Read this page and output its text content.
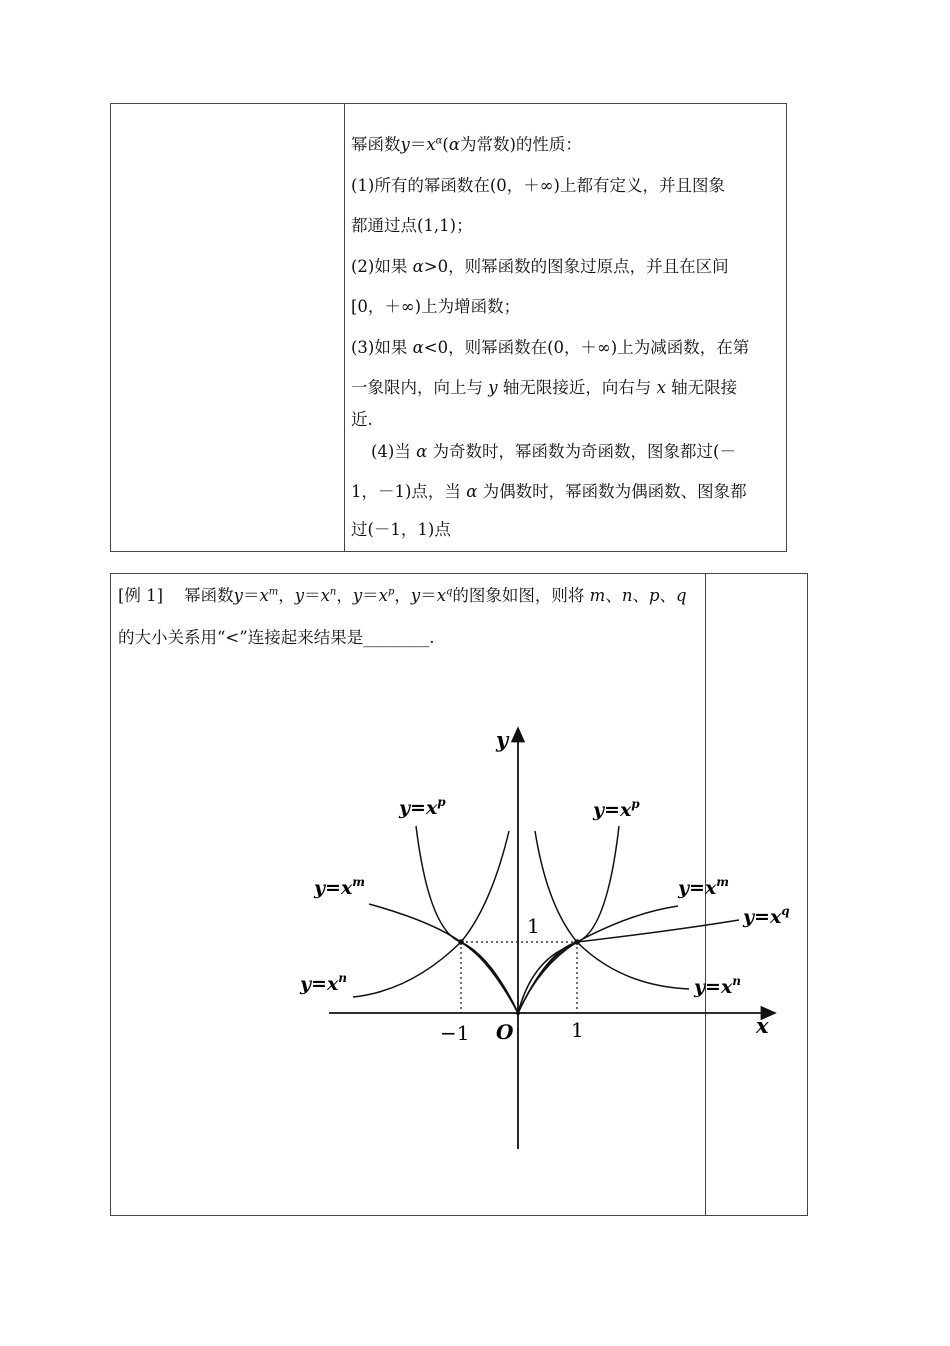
幂函数$y=x^\alpha(\alpha$为常数)的性质：
(1)所有的幂函数在(0，＋∞)上都有定义，并且图象
都通过点(1,1)；
(2)如果 α>0，则幂函数的图象过原点，并且在区间
[0，＋∞)上为增函数；
(3)如果 α<0，则幂函数在(0，＋∞)上为减函数，在第
一象限内，向上与 y 轴无限接近，向右与 x 轴无限接
近.
(4)当 α 为奇数时，幂函数为奇函数，图象都过(－
1，－1)点，当 α 为偶数时，幂函数为偶函数、图象都
过(－1，1)点
[例 1] 幂函数$y=x^m$，$y=x^n$，$y=x^p$，$y=x^q$的图象如图，则将 m、n、p、q
的大小关系用“<”连接起来结果是________.
y
x
O
−1	1
1
$y=x^p$	$y=x^p$
$y=x^m$	$y=x^m$
$y=x^q$
$y=x^n$	$y=x^n$
